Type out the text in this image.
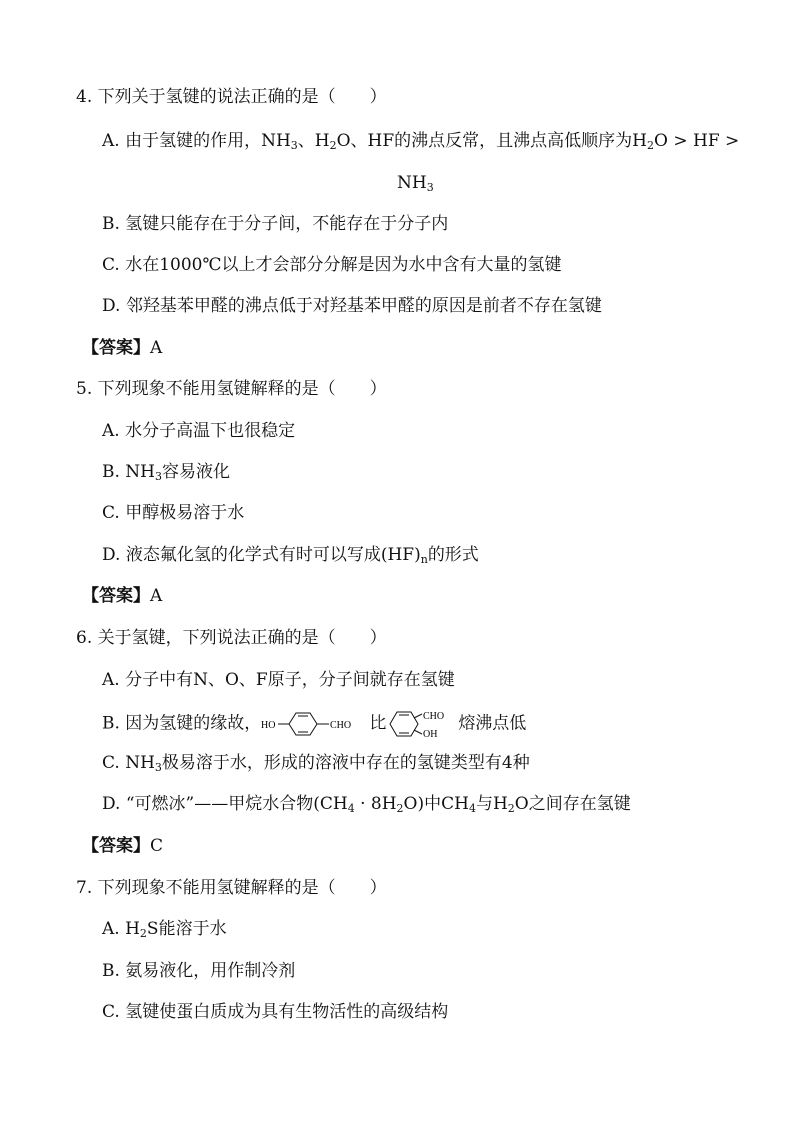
4. 下列关于氢键的说法正确的是（　　）
A. 由于氢键的作用，$NH_3$、$H_2O$、HF的沸点反常，且沸点高低顺序为$H_2O$ > HF >
$NH_3$
B. 氢键只能存在于分子间，不能存在于分子内
C. 水在1000℃以上才会部分分解是因为水中含有大量的氢键
D. 邻羟基苯甲醛的沸点低于对羟基苯甲醛的原因是前者不存在氢键
【答案】A
5. 下列现象不能用氢键解释的是（　　）
A. 水分子高温下也很稳定
B. $NH_3$容易液化
C. 甲醇极易溶于水
D. 液态氟化氢的化学式有时可以写成$(HF)_n$的形式
【答案】A
6. 关于氢键，下列说法正确的是（　　）
A. 分子中有N、O、F原子，分子间就存在氢键
B. 因为氢键的缘故， HO	CHO 比	CHO
OH
熔沸点低
C. $NH_3$极易溶于水，形成的溶液中存在的氢键类型有4种
D. “可燃冰”——甲烷水合物$(CH_4 \cdot 8H_2O)$中$CH_4$与$H_2O$之间存在氢键
【答案】C
7. 下列现象不能用氢键解释的是（　　）
A. $H_2S$能溶于水
B. 氨易液化，用作制冷剂
C. 氢键使蛋白质成为具有生物活性的高级结构
